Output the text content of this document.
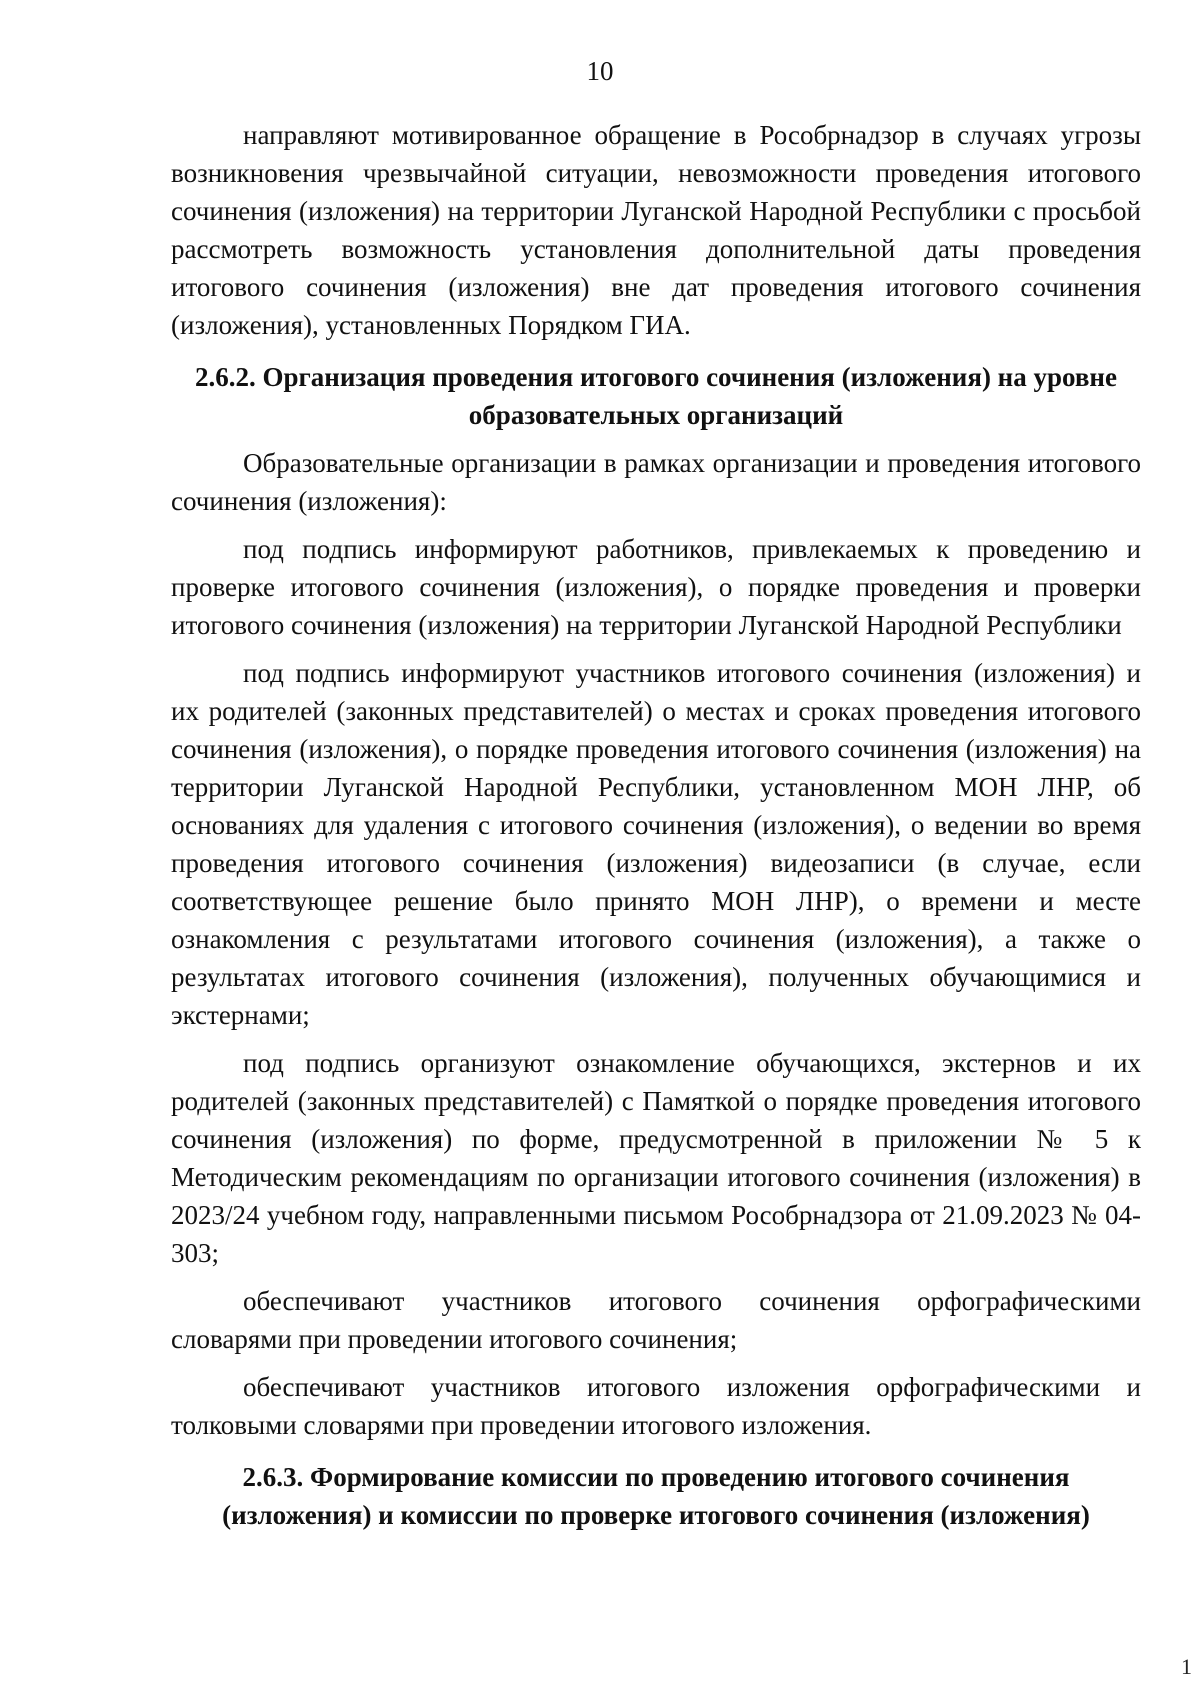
10

направляют мотивированное обращение в Рособрнадзор в случаях угрозы возникновения чрезвычайной ситуации, невозможности проведения итогового сочинения (изложения) на территории Луганской Народной Республики с просьбой рассмотреть возможность установления дополнительной даты проведения итогового сочинения (изложения) вне дат проведения итогового сочинения (изложения), установленных Порядком ГИА.

2.6.2. Организация проведения итогового сочинения (изложения) на уровне образовательных организаций

Образовательные организации в рамках организации и проведения итогового сочинения (изложения):

под подпись информируют работников, привлекаемых к проведению и проверке итогового сочинения (изложения), о порядке проведения и проверки итогового сочинения (изложения) на территории Луганской Народной Республики

под подпись информируют участников итогового сочинения (изложения) и их родителей (законных представителей) о местах и сроках проведения итогового сочинения (изложения), о порядке проведения итогового сочинения (изложения) на территории Луганской Народной Республики, установленном МОН ЛНР, об основаниях для удаления с итогового сочинения (изложения), о ведении во время проведения итогового сочинения (изложения) видеозаписи (в случае, если соответствующее решение было принято МОН ЛНР), о времени и месте ознакомления с результатами итогового сочинения (изложения), а также о результатах итогового сочинения (изложения), полученных обучающимися и экстернами;

под подпись организуют ознакомление обучающихся, экстернов и их родителей (законных представителей) с Памяткой о порядке проведения итогового сочинения (изложения) по форме, предусмотренной в приложении № 5 к Методическим рекомендациям по организации итогового сочинения (изложения) в 2023/24 учебном году, направленными письмом Рособрнадзора от 21.09.2023 № 04-303;

обеспечивают участников итогового сочинения орфографическими словарями при проведении итогового сочинения;

обеспечивают участников итогового изложения орфографическими и толковыми словарями при проведении итогового изложения.

2.6.3. Формирование комиссии по проведению итогового сочинения (изложения) и комиссии по проверке итогового сочинения (изложения)
1
